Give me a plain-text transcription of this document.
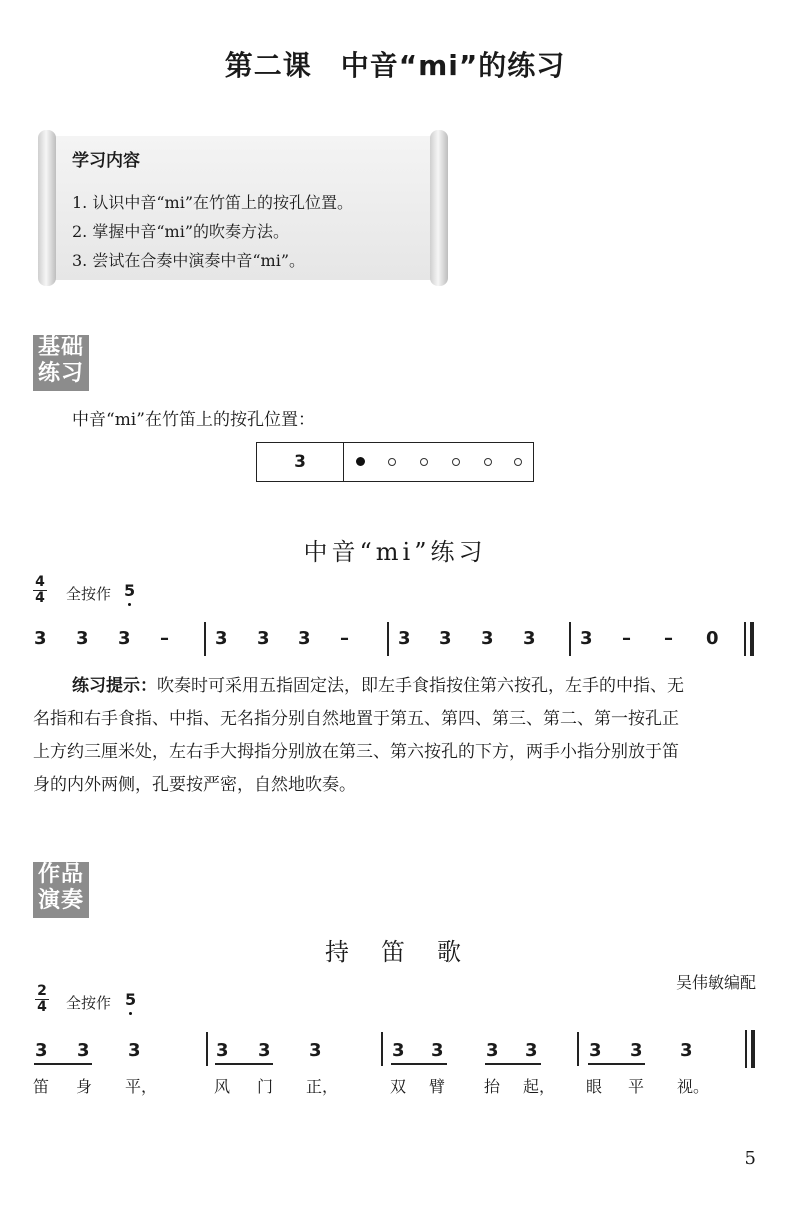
第二课　中音“mi”的练习
学习内容
1. 认识中音“mi”在竹笛上的按孔位置。
2. 掌握中音“mi”的吹奏方法。
3. 尝试在合奏中演奏中音“mi”。
基础
练习
中音“mi”在竹笛上的按孔位置：
3
中音“mi”练习
4
4 全按作 5
3 3 3 –	3 3 3 –	3 3 3 3 3 – – 0
练习提示：吹奏时可采用五指固定法，即左手食指按住第六按孔，左手的中指、无
名指和右手食指、中指、无名指分别自然地置于第五、第四、第三、第二、第一按孔正
上方约三厘米处，左右手大拇指分别放在第三、第六按孔的下方，两手小指分别放于笛
身的内外两侧，孔要按严密，自然地吹奏。
作品
演奏
持　笛　歌
吴伟敏编配
2
4 全按作 5
3 3 3	3 3 3	3 3 3 3	3 3 3
笛 身 平，	风 门 正，	双 臂 抬 起， 眼 平 视。
5
